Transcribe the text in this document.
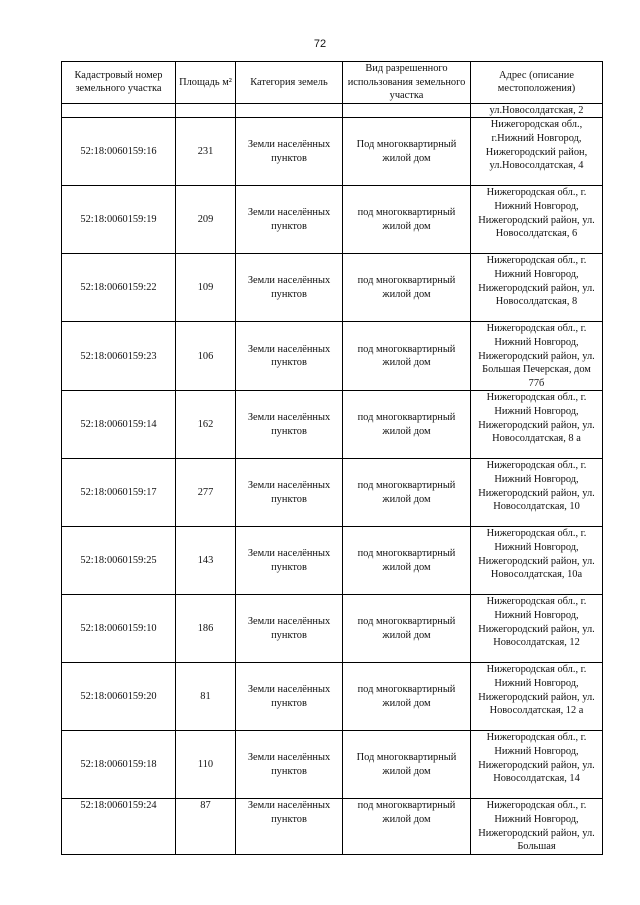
72
Кадастровый номер земельного участка	Площадь м²	Категория земель	Вид разрешенного использования земельного участка	Адрес (описание местоположения)
				ул.Новосолдатская, 2
52:18:0060159:16	231	Земли населённых пунктов	Под многоквартирный жилой дом	Нижегородская обл., г.Нижний Новгород, Нижегородский район, ул.Новосолдатская, 4
52:18:0060159:19	209	Земли населённых пунктов	под многоквартирный жилой дом	Нижегородская обл., г. Нижний Новгород, Нижегородский район, ул. Новосолдатская, 6
52:18:0060159:22	109	Земли населённых пунктов	под многоквартирный жилой дом	Нижегородская обл., г. Нижний Новгород, Нижегородский район, ул. Новосолдатская, 8
52:18:0060159:23	106	Земли населённых пунктов	под многоквартирный жилой дом	Нижегородская обл., г. Нижний Новгород, Нижегородский район, ул. Большая Печерская, дом 77б
52:18:0060159:14	162	Земли населённых пунктов	под многоквартирный жилой дом	Нижегородская обл., г. Нижний Новгород, Нижегородский район, ул. Новосолдатская, 8 а
52:18:0060159:17	277	Земли населённых пунктов	под многоквартирный жилой дом	Нижегородская обл., г. Нижний Новгород, Нижегородский район, ул. Новосолдатская, 10
52:18:0060159:25	143	Земли населённых пунктов	под многоквартирный жилой дом	Нижегородская обл., г. Нижний Новгород, Нижегородский район, ул. Новосолдатская, 10а
52:18:0060159:10	186	Земли населённых пунктов	под многоквартирный жилой дом	Нижегородская обл., г. Нижний Новгород, Нижегородский район, ул. Новосолдатская, 12
52:18:0060159:20	81	Земли населённых пунктов	под многоквартирный жилой дом	Нижегородская обл., г. Нижний Новгород, Нижегородский район, ул. Новосолдатская, 12 а
52:18:0060159:18	110	Земли населённых пунктов	Под многоквартирный жилой дом	Нижегородская обл., г. Нижний Новгород, Нижегородский район, ул. Новосолдатская, 14
52:18:0060159:24	87	Земли населённых пунктов	под многоквартирный жилой дом	Нижегородская обл., г. Нижний Новгород, Нижегородский район, ул. Большая
